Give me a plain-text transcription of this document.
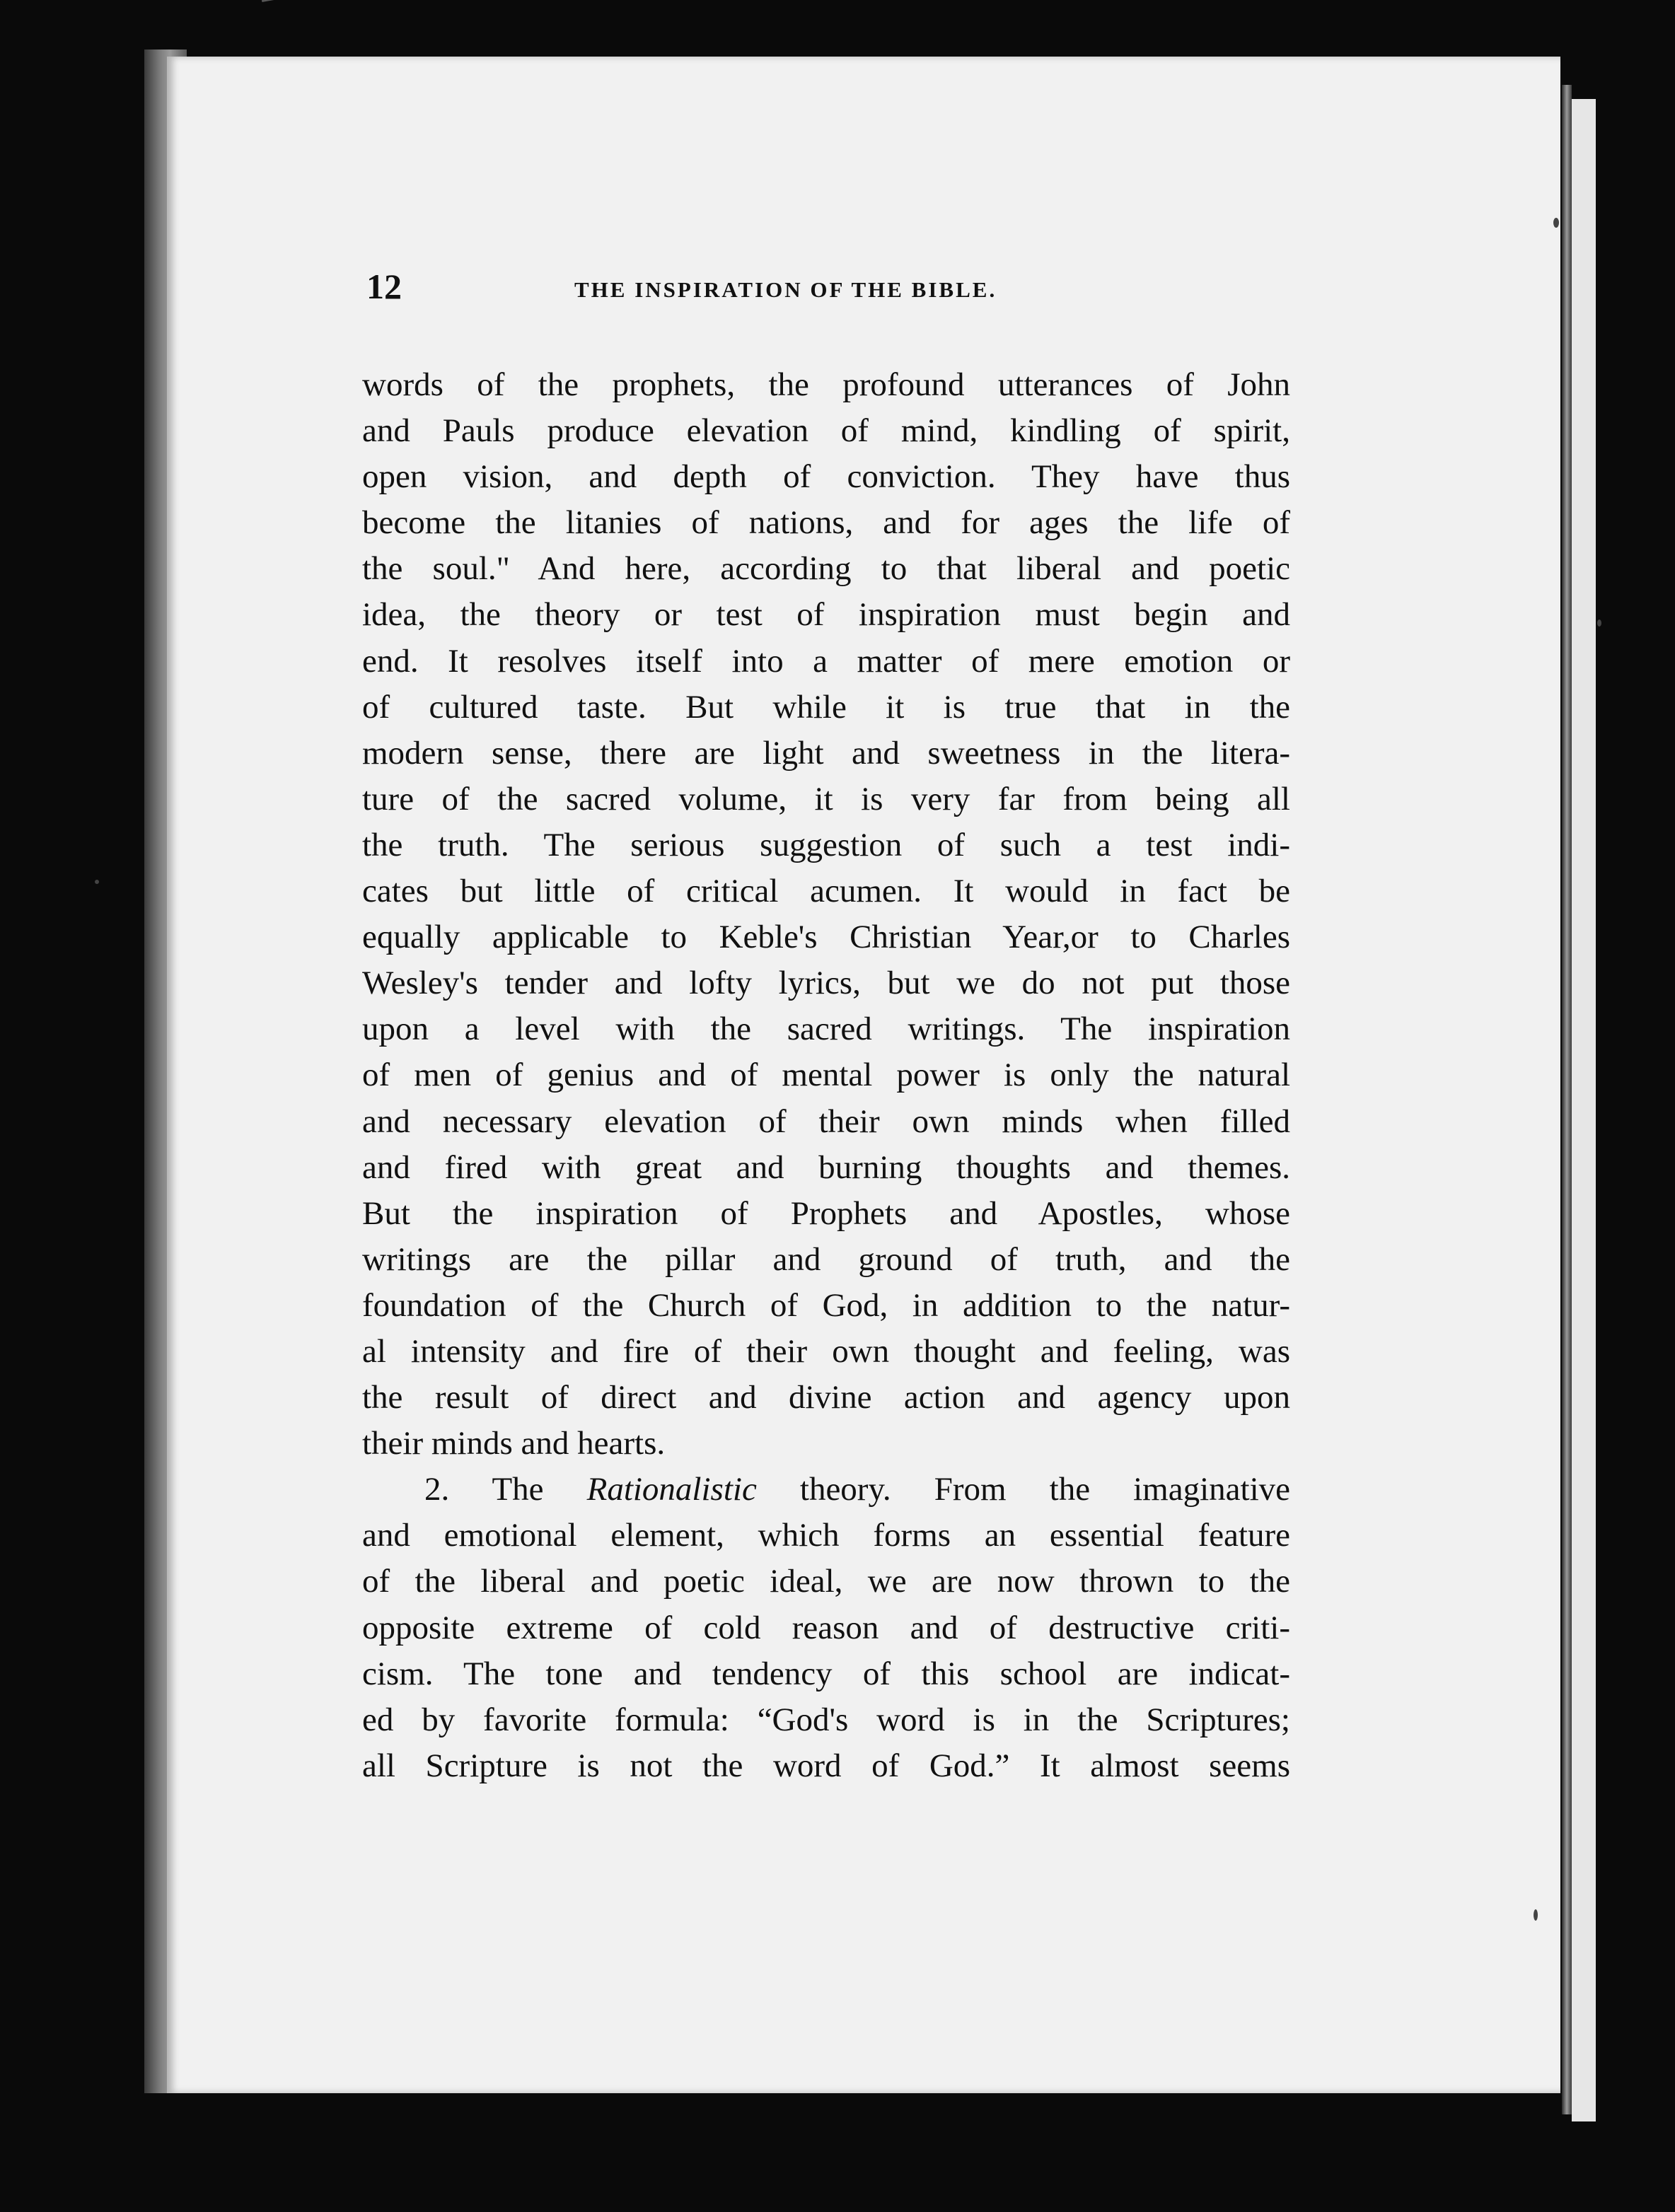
12	THE INSPIRATION OF THE BIBLE.
words of the prophets, the profound utterances of John
and Pauls produce elevation of mind, kindling of spirit,
open vision, and depth of conviction. They have thus
become the litanies of nations, and for ages the life of
the soul." And here, according to that liberal and poetic
idea, the theory or test of inspiration must begin and
end. It resolves itself into a matter of mere emotion or
of cultured taste. But while it is true that in the
modern sense, there are light and sweetness in the litera-
ture of the sacred volume, it is very far from being all
the truth. The serious suggestion of such a test indi-
cates but little of critical acumen. It would in fact be
equally applicable to Keble's Christian Year,or to Charles
Wesley's tender and lofty lyrics, but we do not put those
upon a level with the sacred writings. The inspiration
of men of genius and of mental power is only the natural
and necessary elevation of their own minds when filled
and fired with great and burning thoughts and themes.
But the inspiration of Prophets and Apostles, whose
writings are the pillar and ground of truth, and the
foundation of the Church of God, in addition to the natur-
al intensity and fire of their own thought and feeling, was
the result of direct and divine action and agency upon
their minds and hearts.
2. The Rationalistic theory. From the imaginative
and emotional element, which forms an essential feature
of the liberal and poetic ideal, we are now thrown to the
opposite extreme of cold reason and of destructive criti-
cism. The tone and tendency of this school are indicat-
ed by favorite formula: “God's word is in the Scriptures;
all Scripture is not the word of God.” It almost seems
